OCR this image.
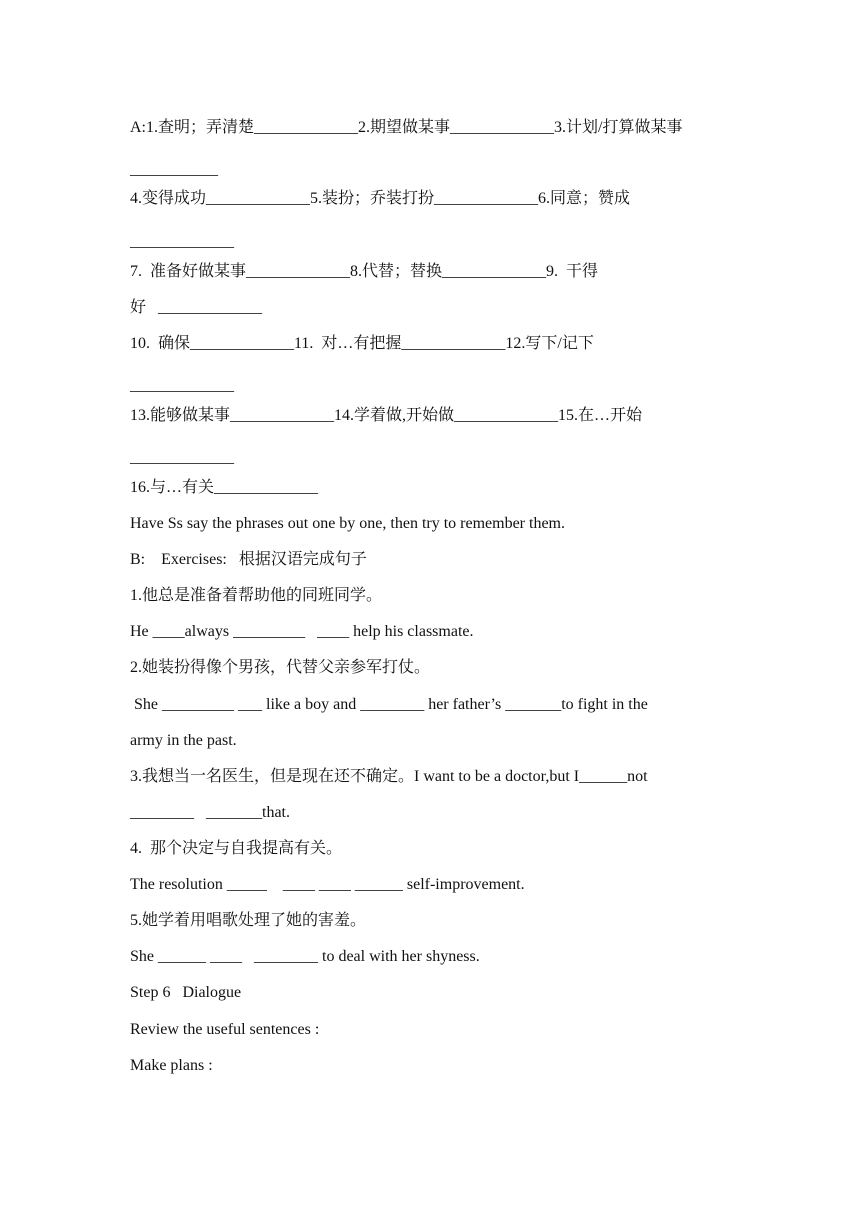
A:1.查明；弄清楚_____________2.期望做某事_____________3.计划/打算做某事
___________
4.变得成功_____________5.装扮；乔装打扮_____________6.同意；赞成
_____________
7.  准备好做某事_____________8.代替；替换_____________9.  干得
好   _____________
10.  确保_____________11.  对…有把握_____________12.写下/记下
_____________
13.能够做某事_____________14.学着做,开始做_____________15.在…开始
_____________
16.与…有关_____________
Have Ss say the phrases out one by one, then try to remember them.
B:    Exercises:   根据汉语完成句子
1.他总是准备着帮助他的同班同学。
He ____always _________   ____ help his classmate.
2.她装扮得像个男孩，代替父亲参军打仗。
She _________ ___ like a boy and ________ her father’s _______to fight in the
army in the past.
3.我想当一名医生，但是现在还不确定。I want to be a doctor,but I______not
________   _______that.
4.  那个决定与自我提高有关。
The resolution _____    ____ ____ ______ self-improvement.
5.她学着用唱歌处理了她的害羞。
She ______ ____   ________ to deal with her shyness.
Step 6   Dialogue
Review the useful sentences :
Make plans :
